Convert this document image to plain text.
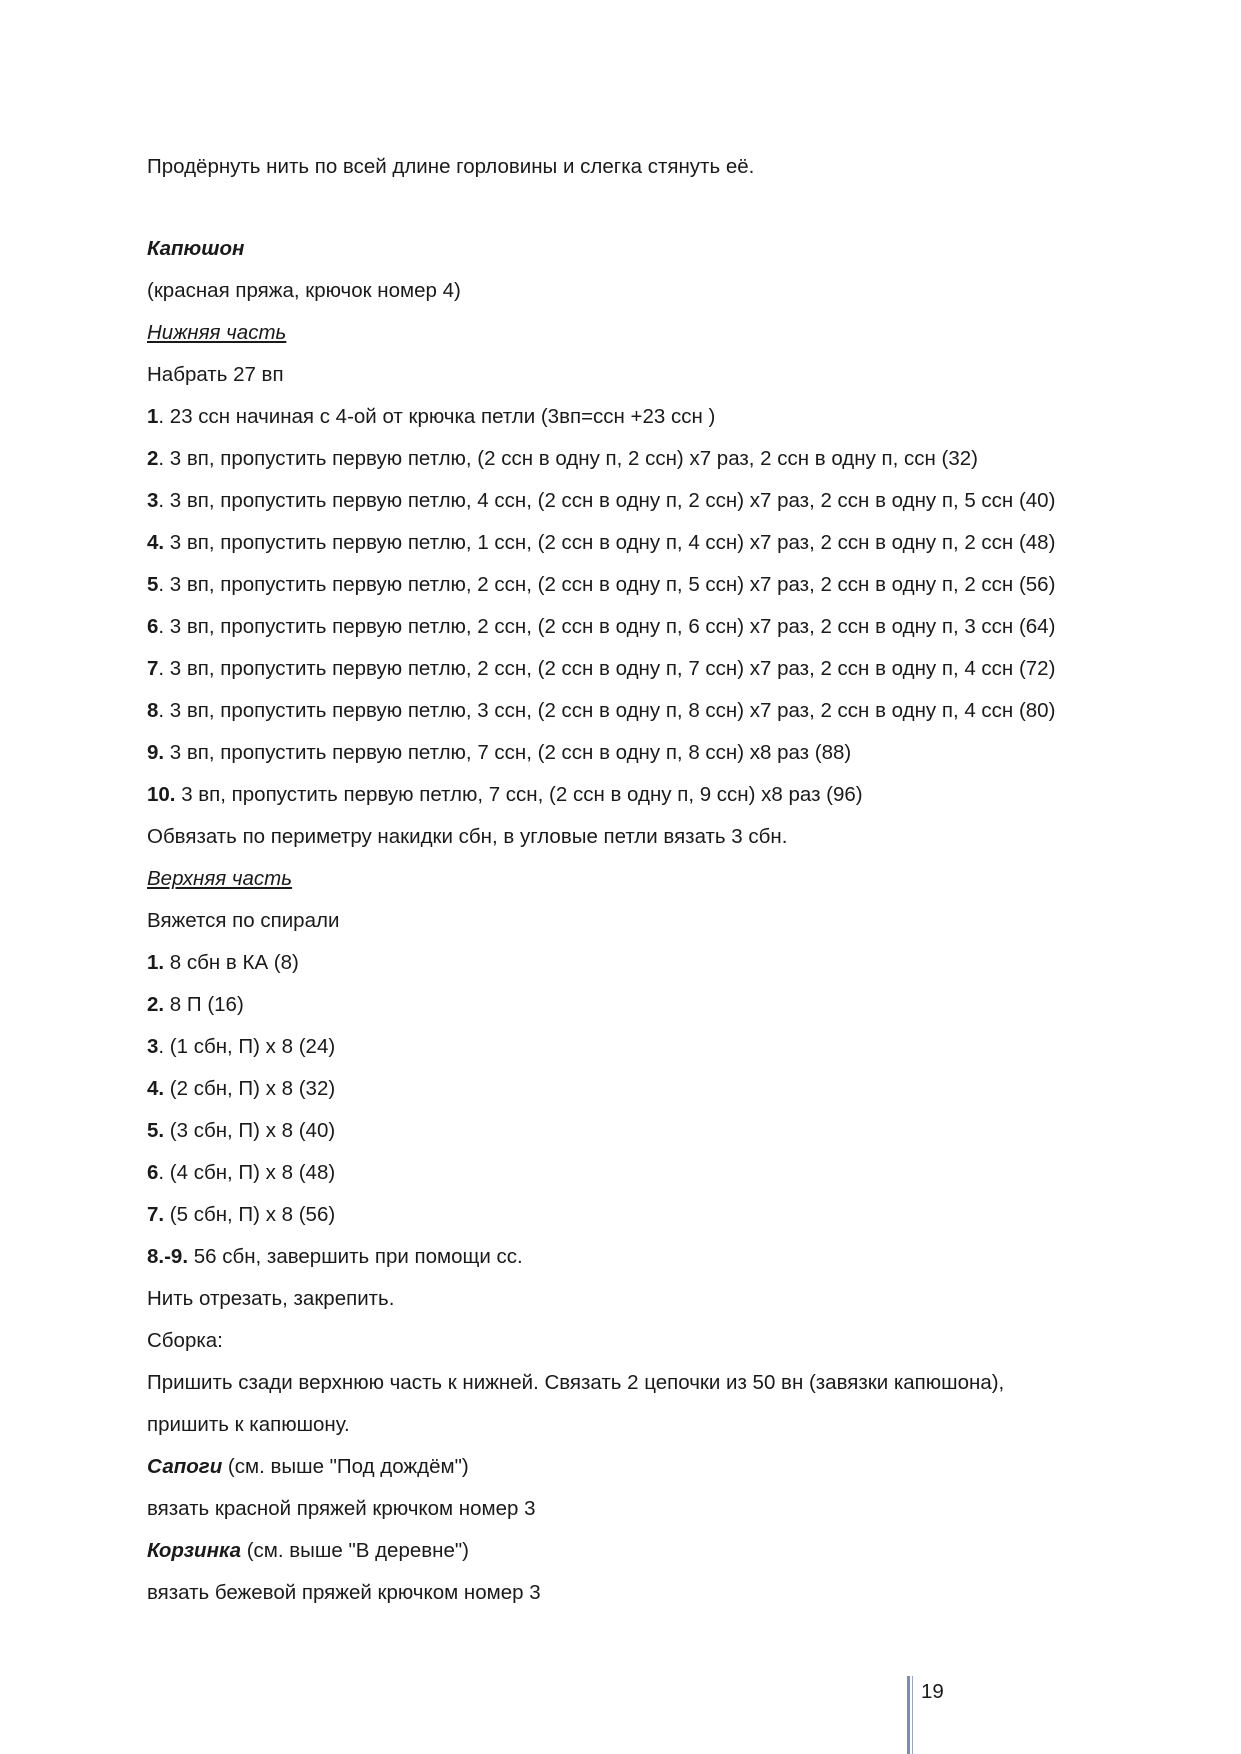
Продёрнуть нить по всей длине горловины и слегка стянуть её.

Капюшон

(красная пряжа, крючок номер 4)

Нижняя часть

Набрать 27 вп

1. 23 ссн начиная с 4-ой от крючка петли (3вп=ссн +23 ссн )

2. 3 вп, пропустить первую петлю, (2 ссн в одну п, 2 ссн) х7 раз, 2 ссн в одну п, ссн (32)

3. 3 вп, пропустить первую петлю, 4 ссн, (2 ссн в одну п, 2 ссн) х7 раз, 2 ссн в одну п, 5 ссн (40)

4. 3 вп, пропустить первую петлю, 1 ссн, (2 ссн в одну п, 4 ссн) х7 раз, 2 ссн в одну п, 2 ссн (48)

5. 3 вп, пропустить первую петлю, 2 ссн, (2 ссн в одну п, 5 ссн) х7 раз, 2 ссн в одну п, 2 ссн (56)

6. 3 вп, пропустить первую петлю, 2 ссн, (2 ссн в одну п, 6 ссн) х7 раз, 2 ссн в одну п, 3 ссн (64)

7. 3 вп, пропустить первую петлю, 2 ссн, (2 ссн в одну п, 7 ссн) х7 раз, 2 ссн в одну п, 4 ссн (72)

8. 3 вп, пропустить первую петлю, 3 ссн, (2 ссн в одну п, 8 ссн) х7 раз, 2 ссн в одну п, 4 ссн (80)

9. 3 вп, пропустить первую петлю, 7 ссн, (2 ссн в одну п, 8 ссн) х8 раз (88)

10. 3 вп, пропустить первую петлю, 7 ссн, (2 ссн в одну п, 9 ссн) х8 раз (96)

Обвязать по периметру накидки сбн, в угловые петли вязать 3 сбн.

Верхняя часть

Вяжется по спирали

1. 8 сбн в КА (8)

2. 8 П (16)

3. (1 сбн, П) х 8 (24)

4. (2 сбн, П) х 8 (32)

5. (3 сбн, П) х 8 (40)

6. (4 сбн, П) х 8 (48)

7. (5 сбн, П) х 8 (56)

8.-9. 56 сбн, завершить при помощи сс.

Нить отрезать, закрепить.

Сборка:

Пришить сзади верхнюю часть к нижней. Связать 2 цепочки из 50 вн (завязки капюшона),

пришить к капюшону.

Сапоги (см. выше "Под дождём")

вязать красной пряжей крючком номер 3

Корзинка (см. выше "В деревне")

вязать бежевой пряжей крючком номер 3

19
